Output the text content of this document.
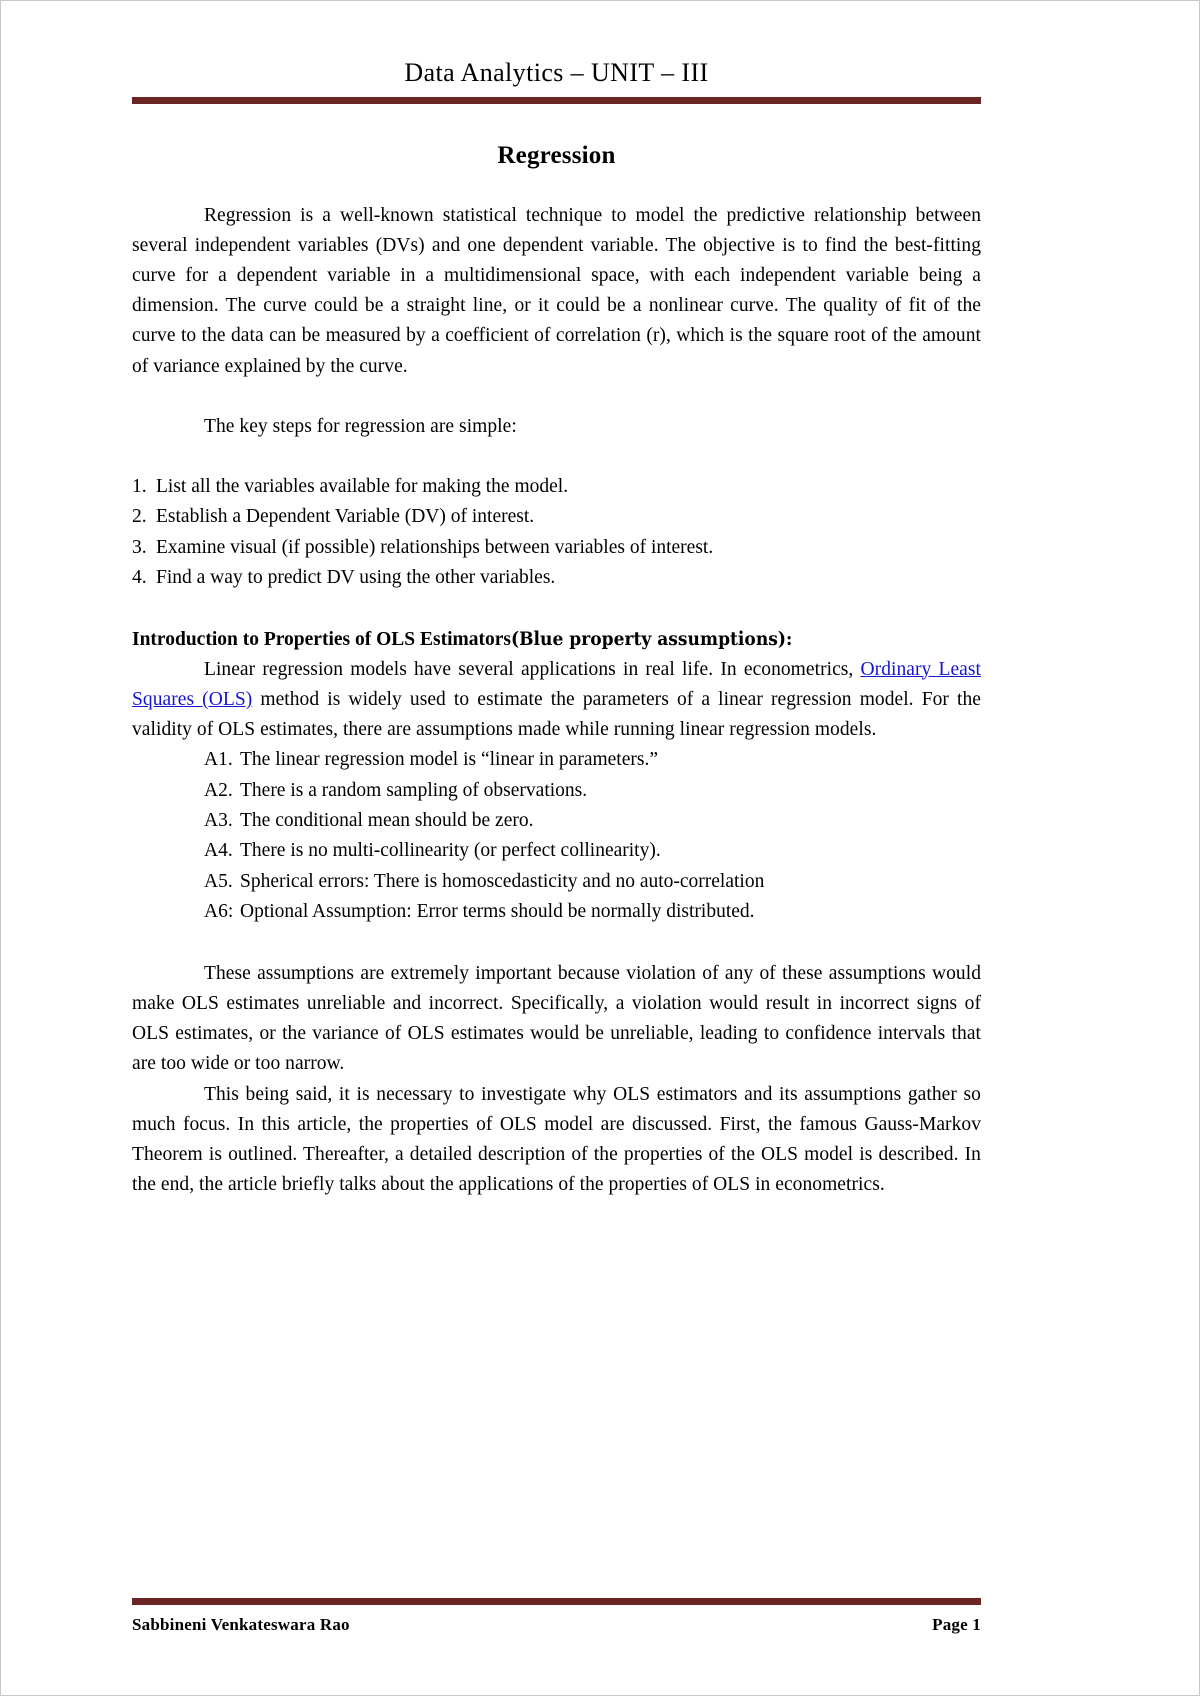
Data Analytics – UNIT – III
Regression

Regression is a well-known statistical technique to model the predictive relationship between several independent variables (DVs) and one dependent variable. The objective is to find the best-fitting curve for a dependent variable in a multidimensional space, with each independent variable being a dimension. The curve could be a straight line, or it could be a nonlinear curve. The quality of fit of the curve to the data can be measured by a coefficient of correlation (r), which is the square root of the amount of variance explained by the curve.

The key steps for regression are simple:

1. List all the variables available for making the model.
2. Establish a Dependent Variable (DV) of interest.
3. Examine visual (if possible) relationships between variables of interest.
4. Find a way to predict DV using the other variables.
Introduction to Properties of OLS Estimators(Blue property assumptions):

Linear regression models have several applications in real life. In econometrics, Ordinary Least Squares (OLS) method is widely used to estimate the parameters of a linear regression model. For the validity of OLS estimates, there are assumptions made while running linear regression models.

A1. The linear regression model is “linear in parameters.”
A2. There is a random sampling of observations.
A3. The conditional mean should be zero.
A4. There is no multi-collinearity (or perfect collinearity).
A5. Spherical errors: There is homoscedasticity and no auto-correlation
A6: Optional Assumption: Error terms should be normally distributed.

These assumptions are extremely important because violation of any of these assumptions would make OLS estimates unreliable and incorrect. Specifically, a violation would result in incorrect signs of OLS estimates, or the variance of OLS estimates would be unreliable, leading to confidence intervals that are too wide or too narrow.

This being said, it is necessary to investigate why OLS estimators and its assumptions gather so much focus. In this article, the properties of OLS model are discussed. First, the famous Gauss-Markov Theorem is outlined. Thereafter, a detailed description of the properties of the OLS model is described. In the end, the article briefly talks about the applications of the properties of OLS in econometrics.

Sabbineni Venkateswara Rao	Page 1
